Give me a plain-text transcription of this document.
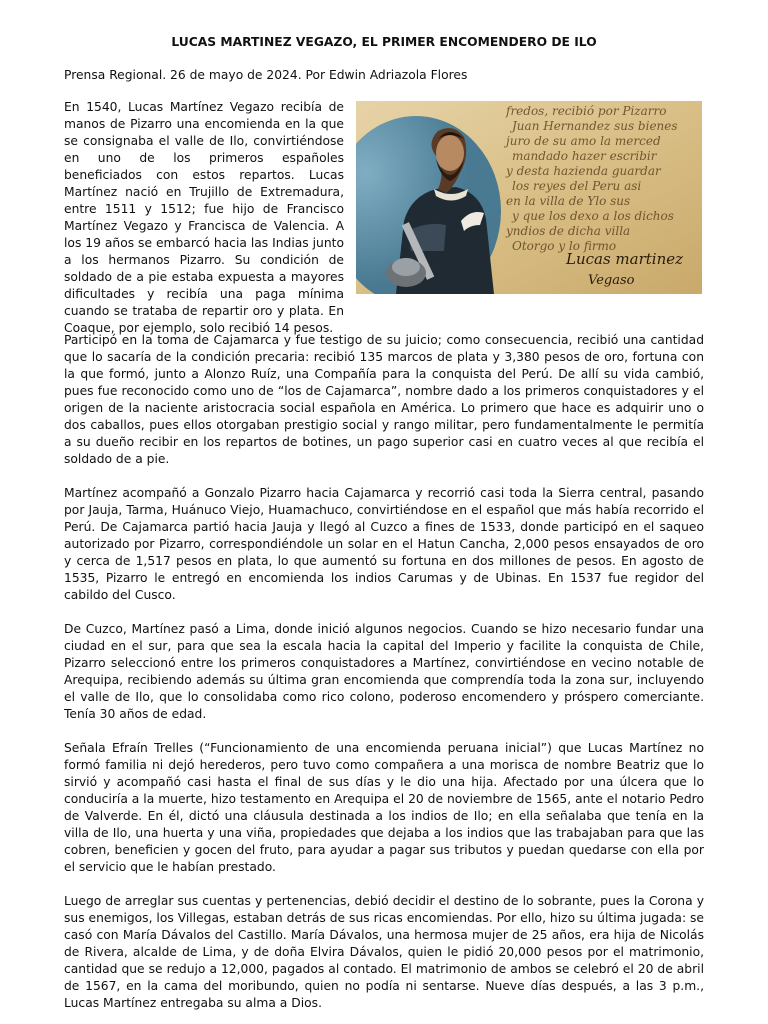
LUCAS MARTINEZ VEGAZO, EL PRIMER ENCOMENDERO DE ILO
Prensa Regional. 26 de mayo de 2024. Por Edwin Adriazola Flores

En 1540, Lucas Martínez Vegazo recibía de manos de Pizarro una encomienda en la que se consignaba el valle de Ilo, convirtiéndose en uno de los primeros españoles beneficiados con estos repartos. Lucas Martínez nació en Trujillo de Extremadura, entre 1511 y 1512; fue hijo de Francisco Martínez Vegazo y Francisca de Valencia. A los 19 años se embarcó hacia las Indias junto a los hermanos Pizarro. Su condición de soldado de a pie estaba expuesta a mayores dificultades y recibía una paga mínima cuando se trataba de repartir oro y plata. En Coaque, por ejemplo, solo recibió 14 pesos.

fredos, recibió por Pizarro
Juan Hernandez sus bienes
juro de su amo la merced
mandado hazer escribir
y desta hazienda guardar
los reyes del Peru asi
en la villa de Ylo sus
y que los dexo a los dichos
yndios de dicha villa
Otorgo y lo firmo
Lucas martinez
Vegaso

Participó en la toma de Cajamarca y fue testigo de su juicio; como consecuencia, recibió una cantidad que lo sacaría de la condición precaria: recibió 135 marcos de plata y 3,380 pesos de oro, fortuna con la que formó, junto a Alonzo Ruíz, una Compañía para la conquista del Perú. De allí su vida cambió, pues fue reconocido como uno de “los de Cajamarca”, nombre dado a los primeros conquistadores y el origen de la naciente aristocracia social española en América. Lo primero que hace es adquirir uno o dos caballos, pues ellos otorgaban prestigio social y rango militar, pero fundamentalmente le permitía a su dueño recibir en los repartos de botines, un pago superior casi en cuatro veces al que recibía el soldado de a pie.

Martínez acompañó a Gonzalo Pizarro hacia Cajamarca y recorrió casi toda la Sierra central, pasando por Jauja, Tarma, Huánuco Viejo, Huamachuco, convirtiéndose en el español que más había recorrido el Perú. De Cajamarca partió hacia Jauja y llegó al Cuzco a fines de 1533, donde participó en el saqueo autorizado por Pizarro, correspondiéndole un solar en el Hatun Cancha, 2,000 pesos ensayados de oro y cerca de 1,517 pesos en plata, lo que aumentó su fortuna en dos millones de pesos. En agosto de 1535, Pizarro le entregó en encomienda los indios Carumas y de Ubinas. En 1537 fue regidor del cabildo del Cusco.

De Cuzco, Martínez pasó a Lima, donde inició algunos negocios. Cuando se hizo necesario fundar una ciudad en el sur, para que sea la escala hacia la capital del Imperio y facilite la conquista de Chile, Pizarro seleccionó entre los primeros conquistadores a Martínez, convirtiéndose en vecino notable de Arequipa, recibiendo además su última gran encomienda que comprendía toda la zona sur, incluyendo el valle de Ilo, que lo consolidaba como rico colono, poderoso encomendero y próspero comerciante. Tenía 30 años de edad.

Señala Efraín Trelles (“Funcionamiento de una encomienda peruana inicial”) que Lucas Martínez no formó familia ni dejó herederos, pero tuvo como compañera a una morisca de nombre Beatriz que lo sirvió y acompañó casi hasta el final de sus días y le dio una hija. Afectado por una úlcera que lo conduciría a la muerte, hizo testamento en Arequipa el 20 de noviembre de 1565, ante el notario Pedro de Valverde. En él, dictó una cláusula destinada a los indios de Ilo; en ella señalaba que tenía en la villa de Ilo, una huerta y una viña, propiedades que dejaba a los indios que las trabajaban para que las cobren, beneficien y gocen del fruto, para ayudar a pagar sus tributos y puedan quedarse con ella por el servicio que le habían prestado.

Luego de arreglar sus cuentas y pertenencias, debió decidir el destino de lo sobrante, pues la Corona y sus enemigos, los Villegas, estaban detrás de sus ricas encomiendas. Por ello, hizo su última jugada: se casó con María Dávalos del Castillo. María Dávalos, una hermosa mujer de 25 años, era hija de Nicolás de Rivera, alcalde de Lima, y de doña Elvira Dávalos, quien le pidió 20,000 pesos por el matrimonio, cantidad que se redujo a 12,000, pagados al contado. El matrimonio de ambos se celebró el 20 de abril de 1567, en la cama del moribundo, quien no podía ni sentarse. Nueve días después, a las 3 p.m., Lucas Martínez entregaba su alma a Dios.
